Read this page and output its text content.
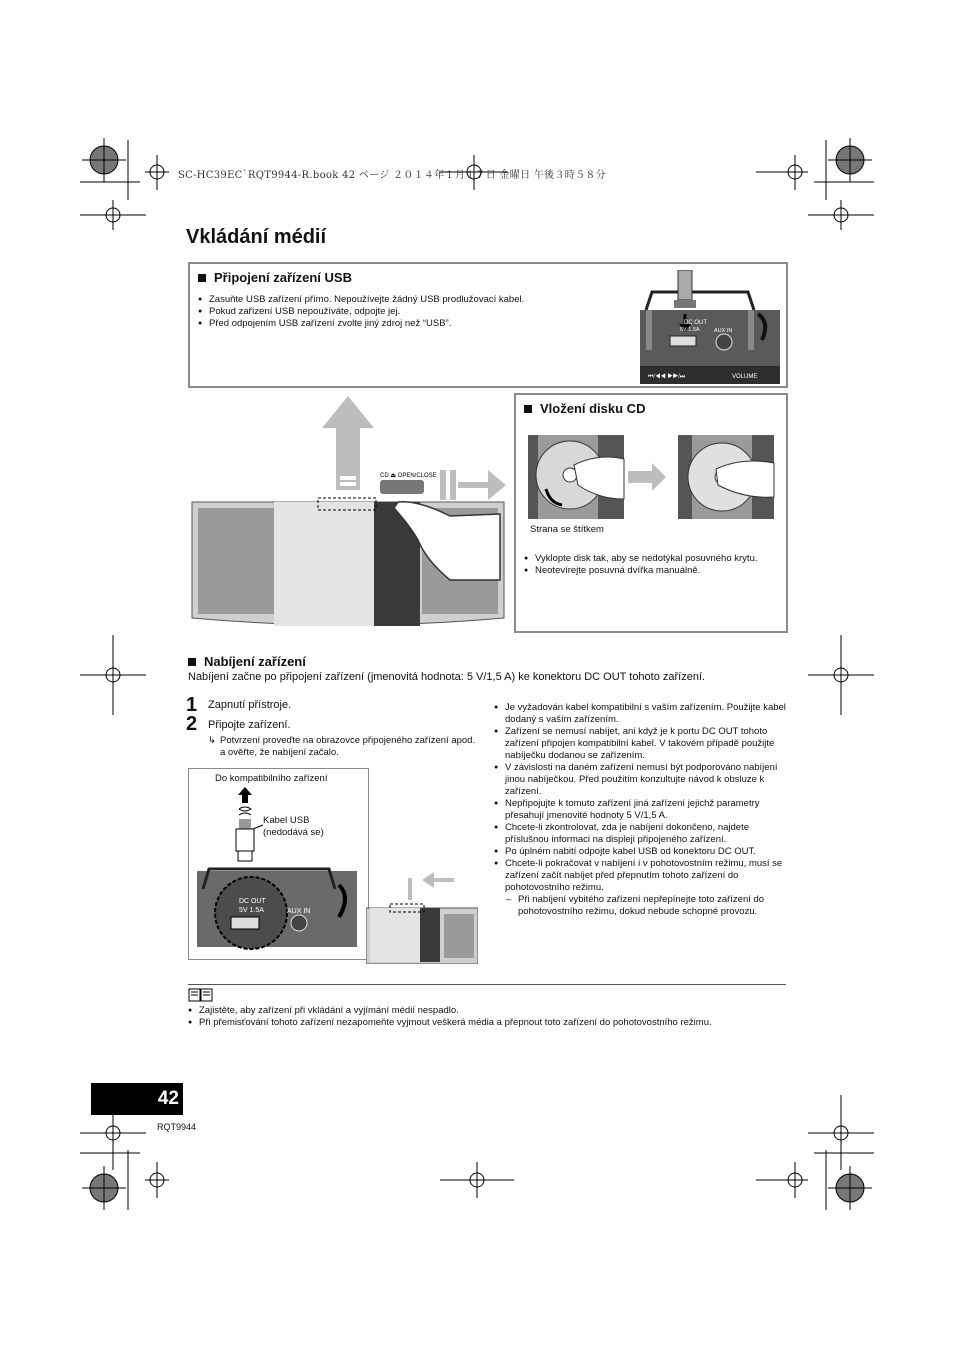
SC-HC39EC`RQT9944-R.book 42 ページ ２０１４年１月１７日 金曜日 午後３時５８分
Vkládání médií
Připojení zařízení USB
● Zasuňte USB zařízení přímo. Nepoužívejte žádný USB prodlužovací kabel.
● Pokud zařízení USB nepoužíváte, odpojte jej.
● Před odpojením USB zařízení zvolte jiný zdroj než “USB”.	DC OUT
5V 1.5A	AUX IN
⏮/◀◀ ▶▶/⏭	VOLUME
CD ⏏ OPEN/CLOSE
Vložení disku CD
Strana se štítkem
● Vyklopte disk tak, aby se nedotýkal posuvného krytu.
● Neotevírejte posuvná dvířka manuálně.
Nabíjení zařízení
Nabíjení začne po připojení zařízení (jmenovitá hodnota: 5 V/1,5 A) ke konektoru DC OUT tohoto zařízení.
1 Zapnutí přístroje.
2 Připojte zařízení.
↳ Potvrzení proveďte na obrazovce připojeného zařízení apod. a ověřte, že nabíjení začalo.
Do kompatibilního zařízení
Kabel USB (nedodává se)
DC OUT
5V 1.5A	AUX IN
● Je vyžadován kabel kompatibilní s vaším zařízením. Použijte kabel dodaný s vaším zařízením.
● Zařízení se nemusí nabíjet, ani když je k portu DC OUT tohoto zařízení připojen kompatibilní kabel. V takovém případě použijte nabíječku dodanou se zařízením.
● V závislosti na daném zařízení nemusí být podporováno nabíjení jinou nabíječkou. Před použitím konzultujte návod k obsluze k zařízení.
● Nepřipojujte k tomuto zařízení jiná zařízení jejichž parametry přesahují jmenovité hodnoty 5 V/1,5 A.
● Chcete-li zkontrolovat, zda je nabíjení dokončeno, najdete příslušnou informaci na displeji připojeného zařízení.
● Po úplném nabití odpojte kabel USB od konektoru DC OUT.
● Chcete-li pokračovat v nabíjení i v pohotovostním režimu, musí se zařízení začít nabíjet před přepnutím tohoto zařízení do pohotovostního režimu.
– Při nabíjení vybitého zařízení nepřepínejte toto zařízení do pohotovostního režimu, dokud nebude schopné provozu.
● Zajistěte, aby zařízení při vkládání a vyjímání médií nespadlo.
● Při přemisťování tohoto zařízení nezapomeňte vyjmout veškerá média a přepnout toto zařízení do pohotovostního režimu.
42
RQT9944
